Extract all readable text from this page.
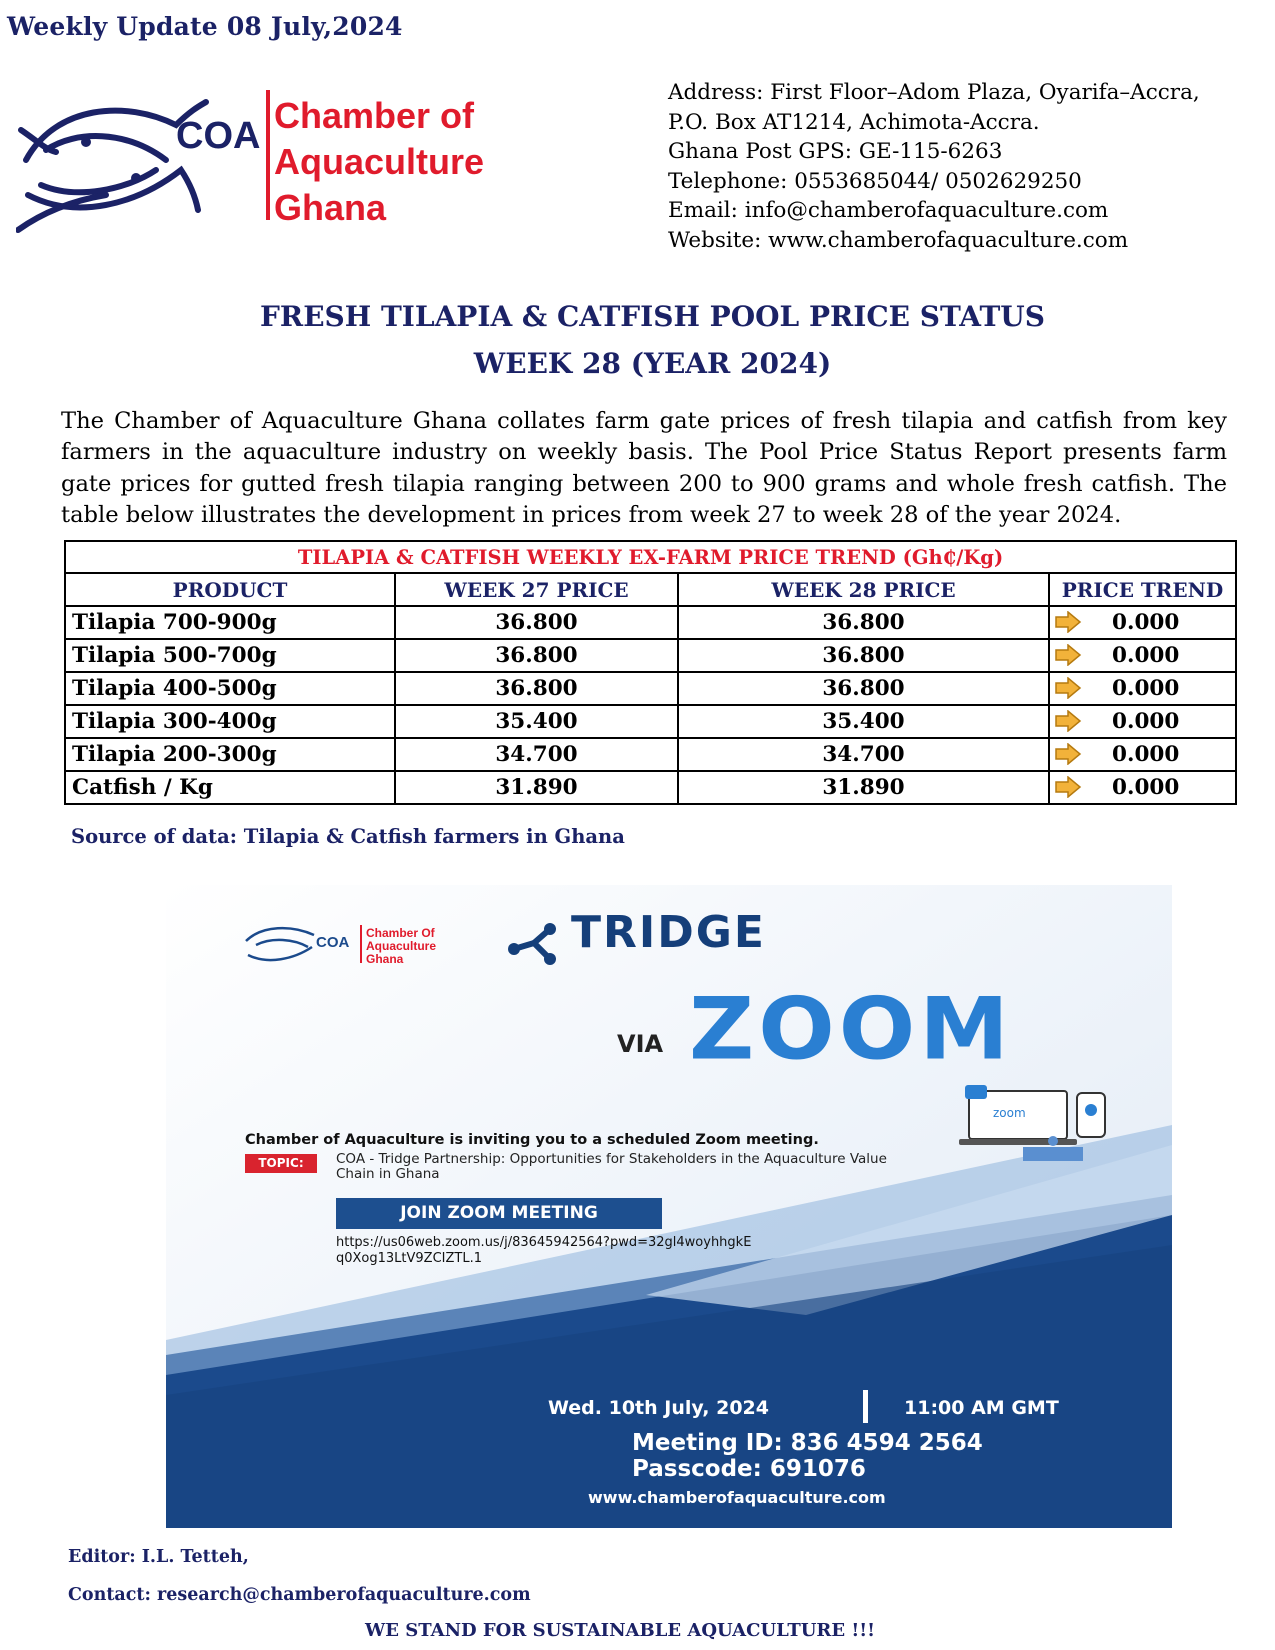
Weekly Update 08 July,2024
COA Chamber of
Aquaculture
Ghana
Address: First Floor–Adom Plaza, Oyarifa–Accra,
P.O. Box AT1214, Achimota-Accra.
Ghana Post GPS: GE-115-6263
Telephone: 0553685044/ 0502629250
Email: info@chamberofaquaculture.com
Website: www.chamberofaquaculture.com
FRESH TILAPIA & CATFISH POOL PRICE STATUS
WEEK 28 (YEAR 2024)

The Chamber of Aquaculture Ghana collates farm gate prices of fresh tilapia and catfish from key farmers in the aquaculture industry on weekly basis. The Pool Price Status Report presents farm gate prices for gutted fresh tilapia ranging between 200 to 900 grams and whole fresh catfish. The table below illustrates the development in prices from week 27 to week 28 of the year 2024.

TILAPIA & CATFISH WEEKLY EX-FARM PRICE TREND (Gh₵/Kg)			
PRODUCT	WEEK 27 PRICE	WEEK 28 PRICE	PRICE TREND
Tilapia 700-900g	36.800	36.800	0.000

Tilapia 500-700g	36.800	36.800	0.000

Tilapia 400-500g	36.800	36.800	0.000

Tilapia 300-400g	35.400	35.400	0.000

Tilapia 200-300g	34.700	34.700	0.000

Catfish / Kg	31.890	31.890	0.000
Source of data: Tilapia & Catfish farmers in Ghana
COA
Chamber Of
Aquaculture
Ghana
TRIDGE
VIA ZOOM
zoom
Chamber of Aquaculture is inviting you to a scheduled Zoom meeting.
TOPIC:	COA - Tridge Partnership: Opportunities for Stakeholders in the Aquaculture Value Chain in Ghana
JOIN ZOOM MEETING
https://us06web.zoom.us/j/83645942564?pwd=32gl4woyhhgkEq0Xog13LtV9ZCIZTL.1
Wed. 10th July, 2024	11:00 AM GMT
Meeting ID: 836 4594 2564
Passcode: 691076
www.chamberofaquaculture.com
Editor: I.L. Tetteh,
Contact: research@chamberofaquaculture.com
WE STAND FOR SUSTAINABLE AQUACULTURE !!!
